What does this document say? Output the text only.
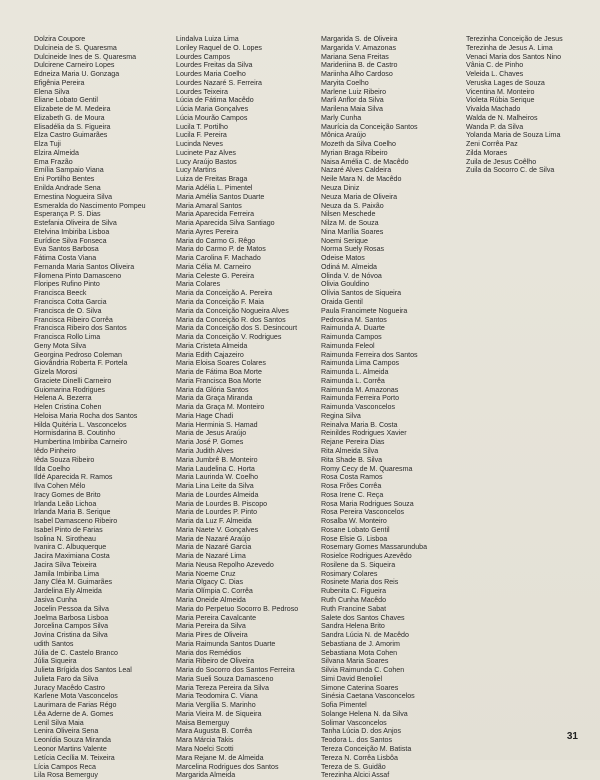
Dolzira Coupore
Dulcineia de S. Quaresma
Dulcineide Ines de S. Quaresma
Dulcirene Carneiro Lopes
Edneiza Maria U. Gonzaga
Efigênia Pereira
Elena Silva
Eliane Lobato Gentil
Elizabete de M. Medeira
Elizabeth G. de Moura
Elisadélia da S. Figueira
Elza Castro Guimarães
Elza Tuji
Elzira Almeida
Ema Frazão
Emília Sampaio Viana
Eni Portilho Bentes
Enilda Andrade Sena
Ernestina Nogueira Silva
Esmeralda do Nascimento Pompeu
Esperança P. S. Dias
Estefania Oliveira de Silva
Etelvina Imbiriba Lisboa
Eurídice Silva Fonseca
Eva Santos Barbosa
Fátima Costa Viana
Fernanda Maria Santos Oliveira
Filomena Pinto Damasceno
Floripes Rufino Pinto
Francisca Beeck
Francisca Cotta Garcia
Francisca de O. Silva
Francisca Ribeiro Corrêa
Francisca Ribeiro dos Santos
Francisca Rollo Lima
Geny Mota Silva
Georgina Pedroso Coleman
Giovândria Roberta F. Portela
Gizela Morosi
Graciete Dinelli Carneiro
Guiomarina Rodrigues
Helena A. Bezerra
Helen Cristina Cohen
Heloisa Maria Rocha dos Santos
Hilda Quitéria L. Vasconcelos
Hormisdarina B. Coutinho
Humbertina Imbiriba Carneiro
Iêdo Pinheiro
Iêda Souza Ribeiro
Ilda Coelho
Ildé Aparecida R. Ramos
Ilva Cohen Mélo
Iracy Gomes de Brito
Irlanda Leão Lichoa
Irlanda Maria B. Serique
Isabel Damasceno Ribeiro
Isabel Pinto de Farias
Isolina N. Sirotheau
Ivanira C. Albuquerque
Jacira Maximiana Costa
Jacira Silva Teixeira
Jamila Imbiriba Lima
Jany Cléa M. Guimarães
Jardelina Ely Almeida
Jasiva Cunha
Jocelin Pessoa da Silva
Joelma Barbosa Lisboa
Jorcelina Campos Silva
Jovina Cristina da Silva
udith Santos
Júlia de C. Castelo Branco
Júlia Siqueira
Julieta Brígida dos Santos Leal
Julieta Faro da Silva
Juracy Macêdo Castro
Karlene Mota Vasconcelos
Laurimara de Farias Régo
Lêa Aderne de A. Gomes
Lenil Silva Maia
Lenira Oliveira Sena
Leonídia Souza Miranda
Leonor Martins Valente
Letícia Cecília M. Teixeira
Lícia Campos Reca
Lila Rosa Bemerguy
Lindalva Luiza Lima
Loriley Raquel de O. Lopes
Lourdes Campos
Lourdes Freitas da Silva
Lourdes Maria Coelho
Lourdes Nazaré S. Ferreira
Lourdes Teixeira
Lúcia de Fátima Macêdo
Lúcia Maria Gonçalves
Lúcia Mourão Campos
Lucila T. Portilho
Lucila F. Pereira
Lucinda Neves
Lucinete Paz Alves
Lucy Araújo Bastos
Lucy Martins
Luiza de Freitas Braga
Maria Adélia L. Pimentel
Maria Amélia Santos Duarte
Maria Amaral Santos
Maria Aparecida Ferreira
Maria Aparecida Silva Santiago
Maria Ayres Pereira
Maria do Carmo G. Rêgo
Maria do Carmo P. de Matos
Maria Carolina F. Machado
Maria Célia M. Carneiro
Maria Celeste G. Pereira
Maria Colares
Maria da Conceição A. Pereira
Maria da Conceição F. Maia
Maria da Conceição Nogueira Alves
Maria da Conceição R. dos Santos
Maria da Conceição dos S. Desincourt
Maria da Conceição V. Rodrigues
Maria Cristeta Almeida
Maria Edith Cajazeiro
Maria Eloisa Soares Colares
Maria de Fátima Boa Morte
Maria Francisca Boa Morte
Maria da Glória Santos
Maria da Graça Miranda
Maria da Graça M. Monteiro
Maria Hage Chadi
Maria Herminia S. Hamad
Maria de Jesus Araújo
Maria José P. Gomes
Maria Judith Alves
Maria Jumbrê B. Monteiro
Maria Laudelina C. Horta
Maria Laurinda W. Coelho
Maria Lina Leite da Silva
Maria de Lourdes Almeida
Maria de Lourdes B. Piscopo
Maria de Lourdes P. Pinto
Maria da Luz F. Almeida
Maria Naete V. Gonçalves
Maria de Nazaré Araújo
Maria de Nazaré Garcia
Maria de Nazaré Lima
Maria Neusa Repolho Azevedo
Maria Noeme Cruz
Maria Olgacy C. Dias
Maria Olímpia C. Corrêa
Maria Oneide Almeida
Maria do Perpetuo Socorro B. Pedroso
Maria Pereira Cavalcante
Maria Pereira da Silva
Maria Pires de Oliveira
Maria Raimunda Santos Duarte
Maria dos Remédios
Maria Ribeiro de Oliveira
Maria do Socorro dos Santos Ferreira
Maria Sueli Souza Damasceno
Maria Tereza Pereira da Silva
Maria Teodomira C. Viana
Maria Vergília S. Marinho
Maria Vieira M. de Siqueira
Maisa Bemerguy
Mara Augusta B. Corrêa
Mara Márcia Takis
Mara Noelci Scotti
Mara Rejane M. de Almeida
Marcelina Rodrigues dos Santos
Margarida Almeida
Margarida S. de Oliveira
Margarida V. Amazonas
Mariana Sena Freitas
Marideriina B. de Castro
Mariinha Alho Cardoso
Maryita Coelho
Marlene Luiz Ribeiro
Marli Anflor da Silva
Marilena Maia Silva
Marly Cunha
Maurícia da Conceição Santos
Mônica Araújo
Mozeth da Silva Coelho
Myrian Braga Ribeiro
Naisa Amélia C. de Macêdo
Nazaré Alves Caldeira
Neile Mara N. de Macêdo
Neuza Diniz
Neuza Maria de Oliveira
Neuza da S. Paixão
Nilsen Meschede
Nilza M. de Souza
Nina Marília Soares
Noemi Serique
Norma Suely Rosas
Odeise Matos
Odiná M. Almeida
Olinda V. de Nóvoa
Olivia Gouldino
Olívia Santos de Siqueira
Oraida Gentil
Paula Francimete Nogueira
Pedrosina M. Santos
Raimunda A. Duarte
Raimunda Campos
Raimunda Feleol
Raimunda Ferreira dos Santos
Raimunda Lima Campos
Raimunda L. Almeida
Raimunda L. Corrêa
Raimunda M. Amazonas
Raimunda Ferreira Porto
Raimunda Vasconcelos
Regina Silva
Reinalva Maria B. Costa
Reinildes Rodrigues Xavier
Rejane Pereira Dias
Rita Almeida Silva
Rita Shade B. Silva
Romy Cecy de M. Quaresma
Rosa Costa Ramos
Rosa Frões Corrêa
Rosa Irene C. Reça
Rosa Maria Rodrigues Souza
Rosa Pereira Vasconcelos
Rosalba W. Monteiro
Rosane Lobato Gentil
Rose Elsie G. Lisboa
Rosemary Gomes Massarunduba
Rosielce Rodrigues Azevêdo
Rosilene da S. Siqueira
Rosimary Colares
Rosinete Maria dos Reis
Rubenita C. Figueira
Ruth Cunha Macêdo
Ruth Francine Sabat
Salete dos Santos Chaves
Sandra Helena Brito
Sandra Lúcia N. de Macêdo
Sebastiana de J. Amorim
Sebastiana Mota Cohen
Silvana Maria Soares
Silvia Raimunda C. Cohen
Simi David Benoliel
Simone Caterina Soares
Sinésia Caetana Vasconcelos
Sofia Pimentel
Solange Helena N. da Silva
Solimar Vasconcelos
Tanha Lúcia D. dos Anjos
Teodora L. dos Santos
Tereza Conceição M. Batista
Tereza N. Corrêa Lisbôa
Tereza de S. Guidão
Terezinha Alcici Assaf
Terezinha Conceição de Jesus
Terezinha de Jesus A. Lima
Venaci Maria dos Santos Nino
Vânia C. de Pinho
Veleida L. Chaves
Veruska Lages de Souza
Vicentina M. Monteiro
Violeta Rúbia Serique
Vivalda Machado
Walda de N. Malheiros
Wanda P. da Silva
Yolanda Maria de Souza Lima
Zeni Corrêa Paz
Zilda Moraes
Zuila de Jesus Coêlho
Zuila da Socorro C. de Silva
31
